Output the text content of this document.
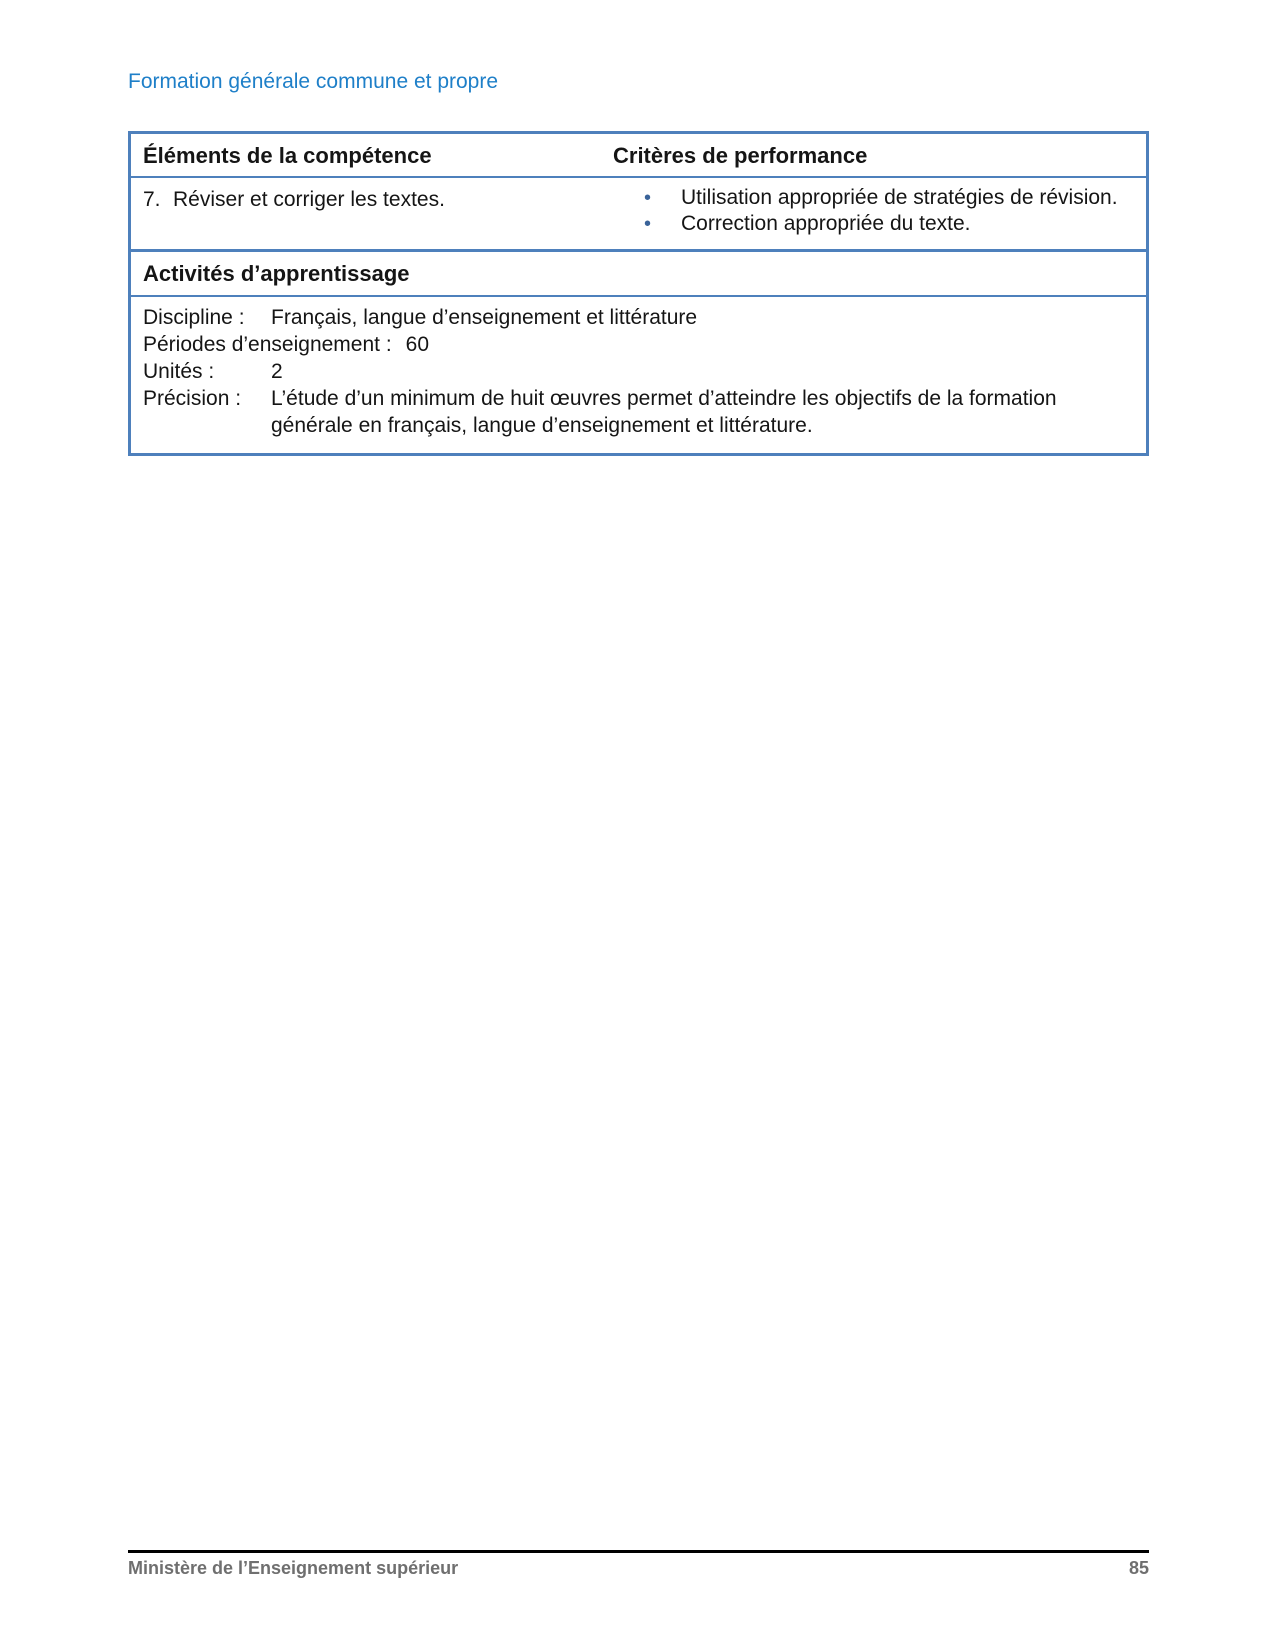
Formation générale commune et propre
Éléments de la compétence	Critères de performance
7. Réviser et corriger les textes.	•	Utilisation appropriée de stratégies de révision.
•	Correction appropriée du texte.
Activités d’apprentissage
Discipline :	Français, langue d’enseignement et littérature
Périodes d’enseignement : 60
Unités :	2
Précision :	L’étude d’un minimum de huit œuvres permet d’atteindre les objectifs de la formation générale en français, langue d’enseignement et littérature.
Ministère de l’Enseignement supérieur	85
